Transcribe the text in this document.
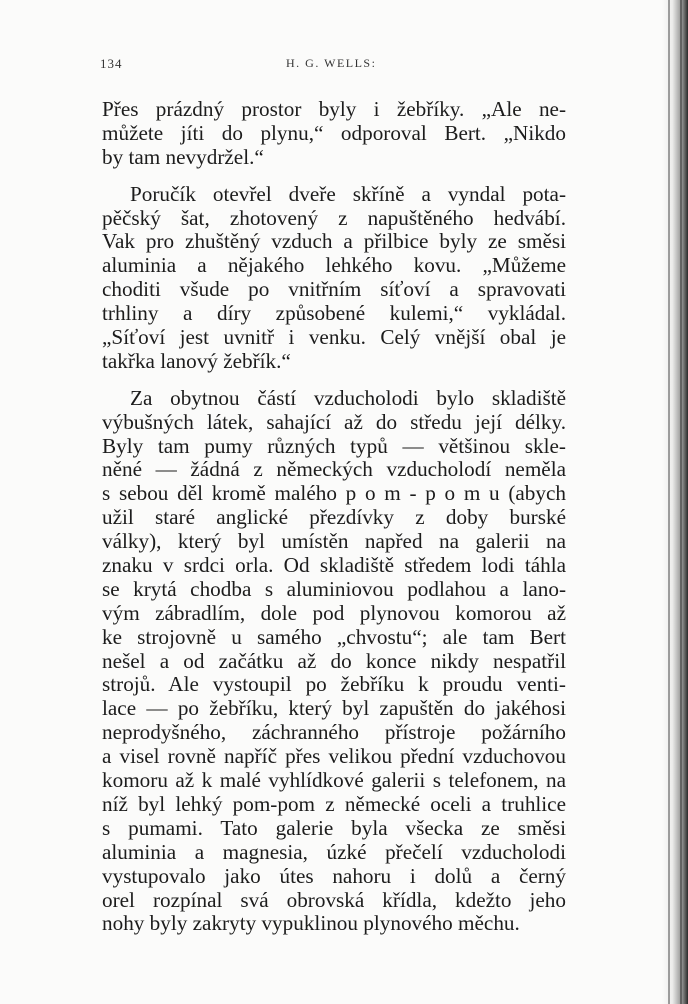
134	H. G. WELLS:
Přes prázdný prostor byly i žebříky. „Ale ne-
můžete jíti do plynu,“ odporoval Bert. „Nikdo
by tam nevydržel.“
Poručík otevřel dveře skříně a vyndal pota-
pěčský šat, zhotovený z napuštěného hedvábí.
Vak pro zhuštěný vzduch a přilbice byly ze směsi
aluminia a nějakého lehkého kovu. „Můžeme
choditi všude po vnitřním síťoví a spravovati
trhliny a díry způsobené kulemi,“ vykládal.
„Síťoví jest uvnitř i venku. Celý vnější obal je
takřka lanový žebřík.“
Za obytnou částí vzducholodi bylo skladiště
výbušných látek, sahající až do středu její délky.
Byly tam pumy různých typů — většinou skle-
něné — žádná z německých vzducholodí neměla
s sebou děl kromě malého p o m - p o m u (abych
užil staré anglické přezdívky z doby burské
války), který byl umístěn napřed na galerii na
znaku v srdci orla. Od skladiště středem lodi táhla
se krytá chodba s aluminiovou podlahou a lano-
vým zábradlím, dole pod plynovou komorou až
ke strojovně u samého „chvostu“; ale tam Bert
nešel a od začátku až do konce nikdy nespatřil
strojů. Ale vystoupil po žebříku k proudu venti-
lace — po žebříku, který byl zapuštěn do jakéhosi
neprodyšného, záchranného přístroje požárního
a visel rovně napříč přes velikou přední vzduchovou
komoru až k malé vyhlídkové galerii s telefonem, na
níž byl lehký pom-pom z německé oceli a truhlice
s pumami. Tato galerie byla všecka ze směsi
aluminia a magnesia, úzké přečelí vzducholodi
vystupovalo jako útes nahoru i dolů a černý
orel rozpínal svá obrovská křídla, kdežto jeho
nohy byly zakryty vypuklinou plynového měchu.
